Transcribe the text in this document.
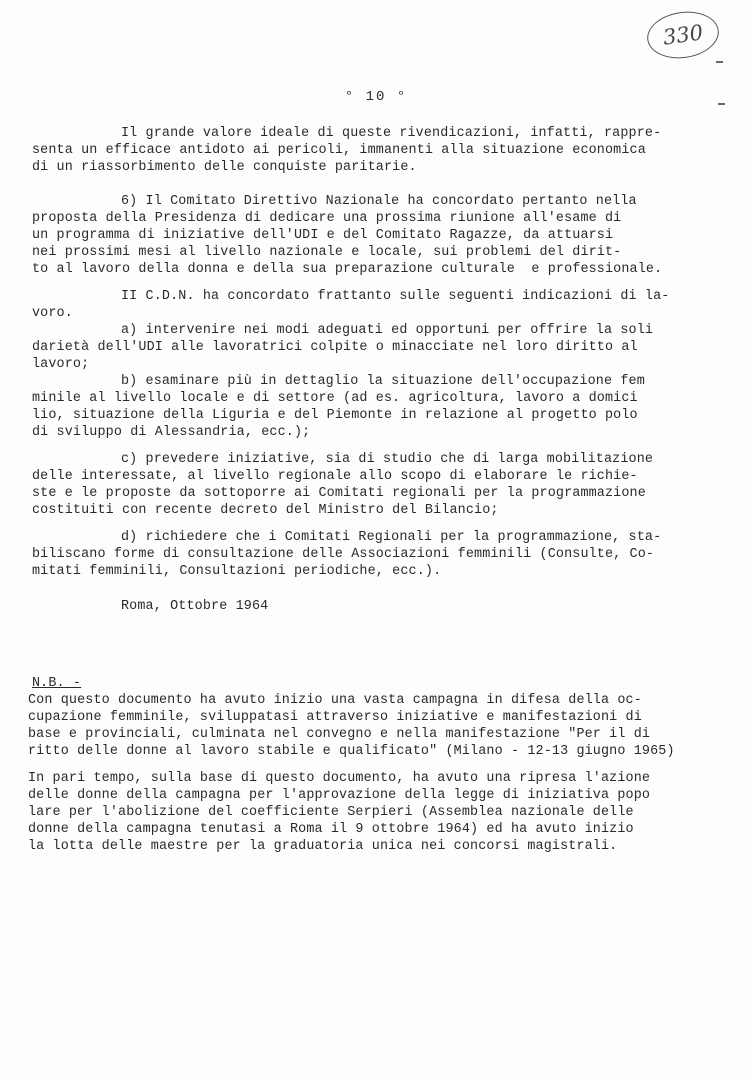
330
° 10 °
Il grande valore ideale di queste rivendicazioni, infatti, rappre-
senta un efficace antidoto ai pericoli, immanenti alla situazione economica
di un riassorbimento delle conquiste paritarie.
6) Il Comitato Direttivo Nazionale ha concordato pertanto nella
proposta della Presidenza di dedicare una prossima riunione all'esame di
un programma di iniziative dell'UDI e del Comitato Ragazze, da attuarsi
nei prossimi mesi al livello nazionale e locale, sui problemi del dirit-
to al lavoro della donna e della sua preparazione culturale  e professionale.
II C.D.N. ha concordato frattanto sulle seguenti indicazioni di la-
voro.
a) intervenire nei modi adeguati ed opportuni per offrire la soli
darietà dell'UDI alle lavoratrici colpite o minacciate nel loro diritto al
lavoro;
b) esaminare più in dettaglio la situazione dell'occupazione fem
minile al livello locale e di settore (ad es. agricoltura, lavoro a domici
lio, situazione della Liguria e del Piemonte in relazione al progetto polo
di sviluppo di Alessandria, ecc.);
c) prevedere iniziative, sia di studio che di larga mobilitazione
delle interessate, al livello regionale allo scopo di elaborare le richie-
ste e le proposte da sottoporre ai Comitati regionali per la programmazione
costituiti con recente decreto del Ministro del Bilancio;
d) richiedere che i Comitati Regionali per la programmazione, sta-
biliscano forme di consultazione delle Associazioni femminili (Consulte, Co-
mitati femminili, Consultazioni periodiche, ecc.).
Roma, Ottobre 1964
N.B. -
Con questo documento ha avuto inizio una vasta campagna in difesa della oc-
cupazione femminile, sviluppatasi attraverso iniziative e manifestazioni di
base e provinciali, culminata nel convegno e nella manifestazione "Per il di
ritto delle donne al lavoro stabile e qualificato" (Milano - 12-13 giugno 1965)
In pari tempo, sulla base di questo documento, ha avuto una ripresa l'azione
delle donne della campagna per l'approvazione della legge di iniziativa popo
lare per l'abolizione del coefficiente Serpieri (Assemblea nazionale delle
donne della campagna tenutasi a Roma il 9 ottobre 1964) ed ha avuto inizio
la lotta delle maestre per la graduatoria unica nei concorsi magistrali.
